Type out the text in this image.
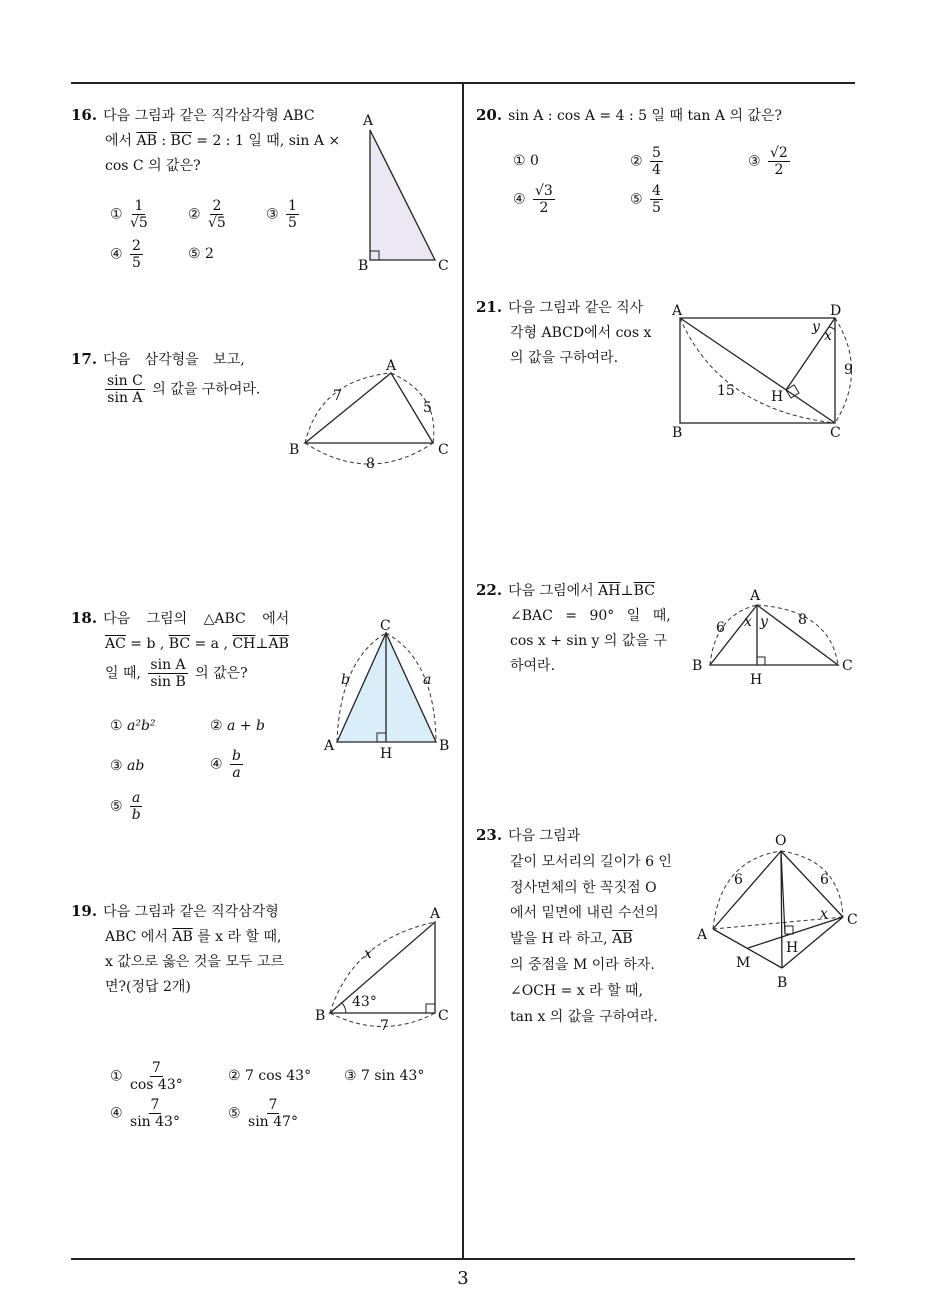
16. 다음 그림과 같은 직각삼각형 ABC
에서 $\overline{AB}$ : $\overline{BC} = 2$ : 1 일 때, sin A ×
cos C 의 값은?
① $\frac{1}{√5}$	② $\frac{2}{√5}$	③ $\frac{1}{5}$
④ $\frac{2}{5}$	⑤ 2
A
B	C
17. 다음 삼각형을 보고,
$\frac{\text{sin C}}{\text{sin A}}$ 의 값을 구하여라.
A
B	C
7
5
8
18. 다음 그림의 △ABC 에서
$\overline{AC} = b$ , $\overline{BC} = a$ , $\overline{CH}\perp\overline{AB}$
일 때, $\frac{\text{sin A}}{\text{sin B}}$ 의 값은?
① a²b²	② a + b
③ ab	④ $\frac{b}{a}$
⑤ $\frac{a}{b}$
C
A	B
H
b	a
19. 다음 그림과 같은 직각삼각형
ABC 에서 $\overline{AB}$ 를 x 라 할 때,
x 값으로 옳은 것을 모두 고르
면?(정답 2개)
A
B	C
x
43°
7
① $\frac{7}{\cos 43^\circ}$	② 7 cos 43° ③ 7 sin 43°
④ $\frac{7}{\sin 43^\circ}$	⑤ $\frac{7}{\sin 47^\circ}$
20. sin A : cos A = 4 : 5 일 때 tan A 의 값은?
① 0	② $\frac{5}{4}$	③ $\frac{√2}{2}$
④ $\frac{√3}{2}$	⑤ $\frac{4}{5}$
21. 다음 그림과 같은 직사
각형 ABCD에서 cos x
의 값을 구하여라.
A	D
B	C
H
y
x
15
9
22. 다음 그림에서 $\overline{AH}\perp\overline{BC}$
∠BAC = 90° 일 때,
cos x + sin y 의 값을 구
하여라.
A
B	C
H
x y
6	8
23. 다음 그림과
같이 모서리의 길이가 6 인
정사면체의 한 꼭짓점 O
에서 밑면에 내린 수선의
발을 H 라 하고, $\overline{AB}$
의 중점을 M 이라 하자.
∠OCH = x 라 할 때,
tan x 의 값을 구하여라.
O
A
B
C
H
M
x
6	6
3
